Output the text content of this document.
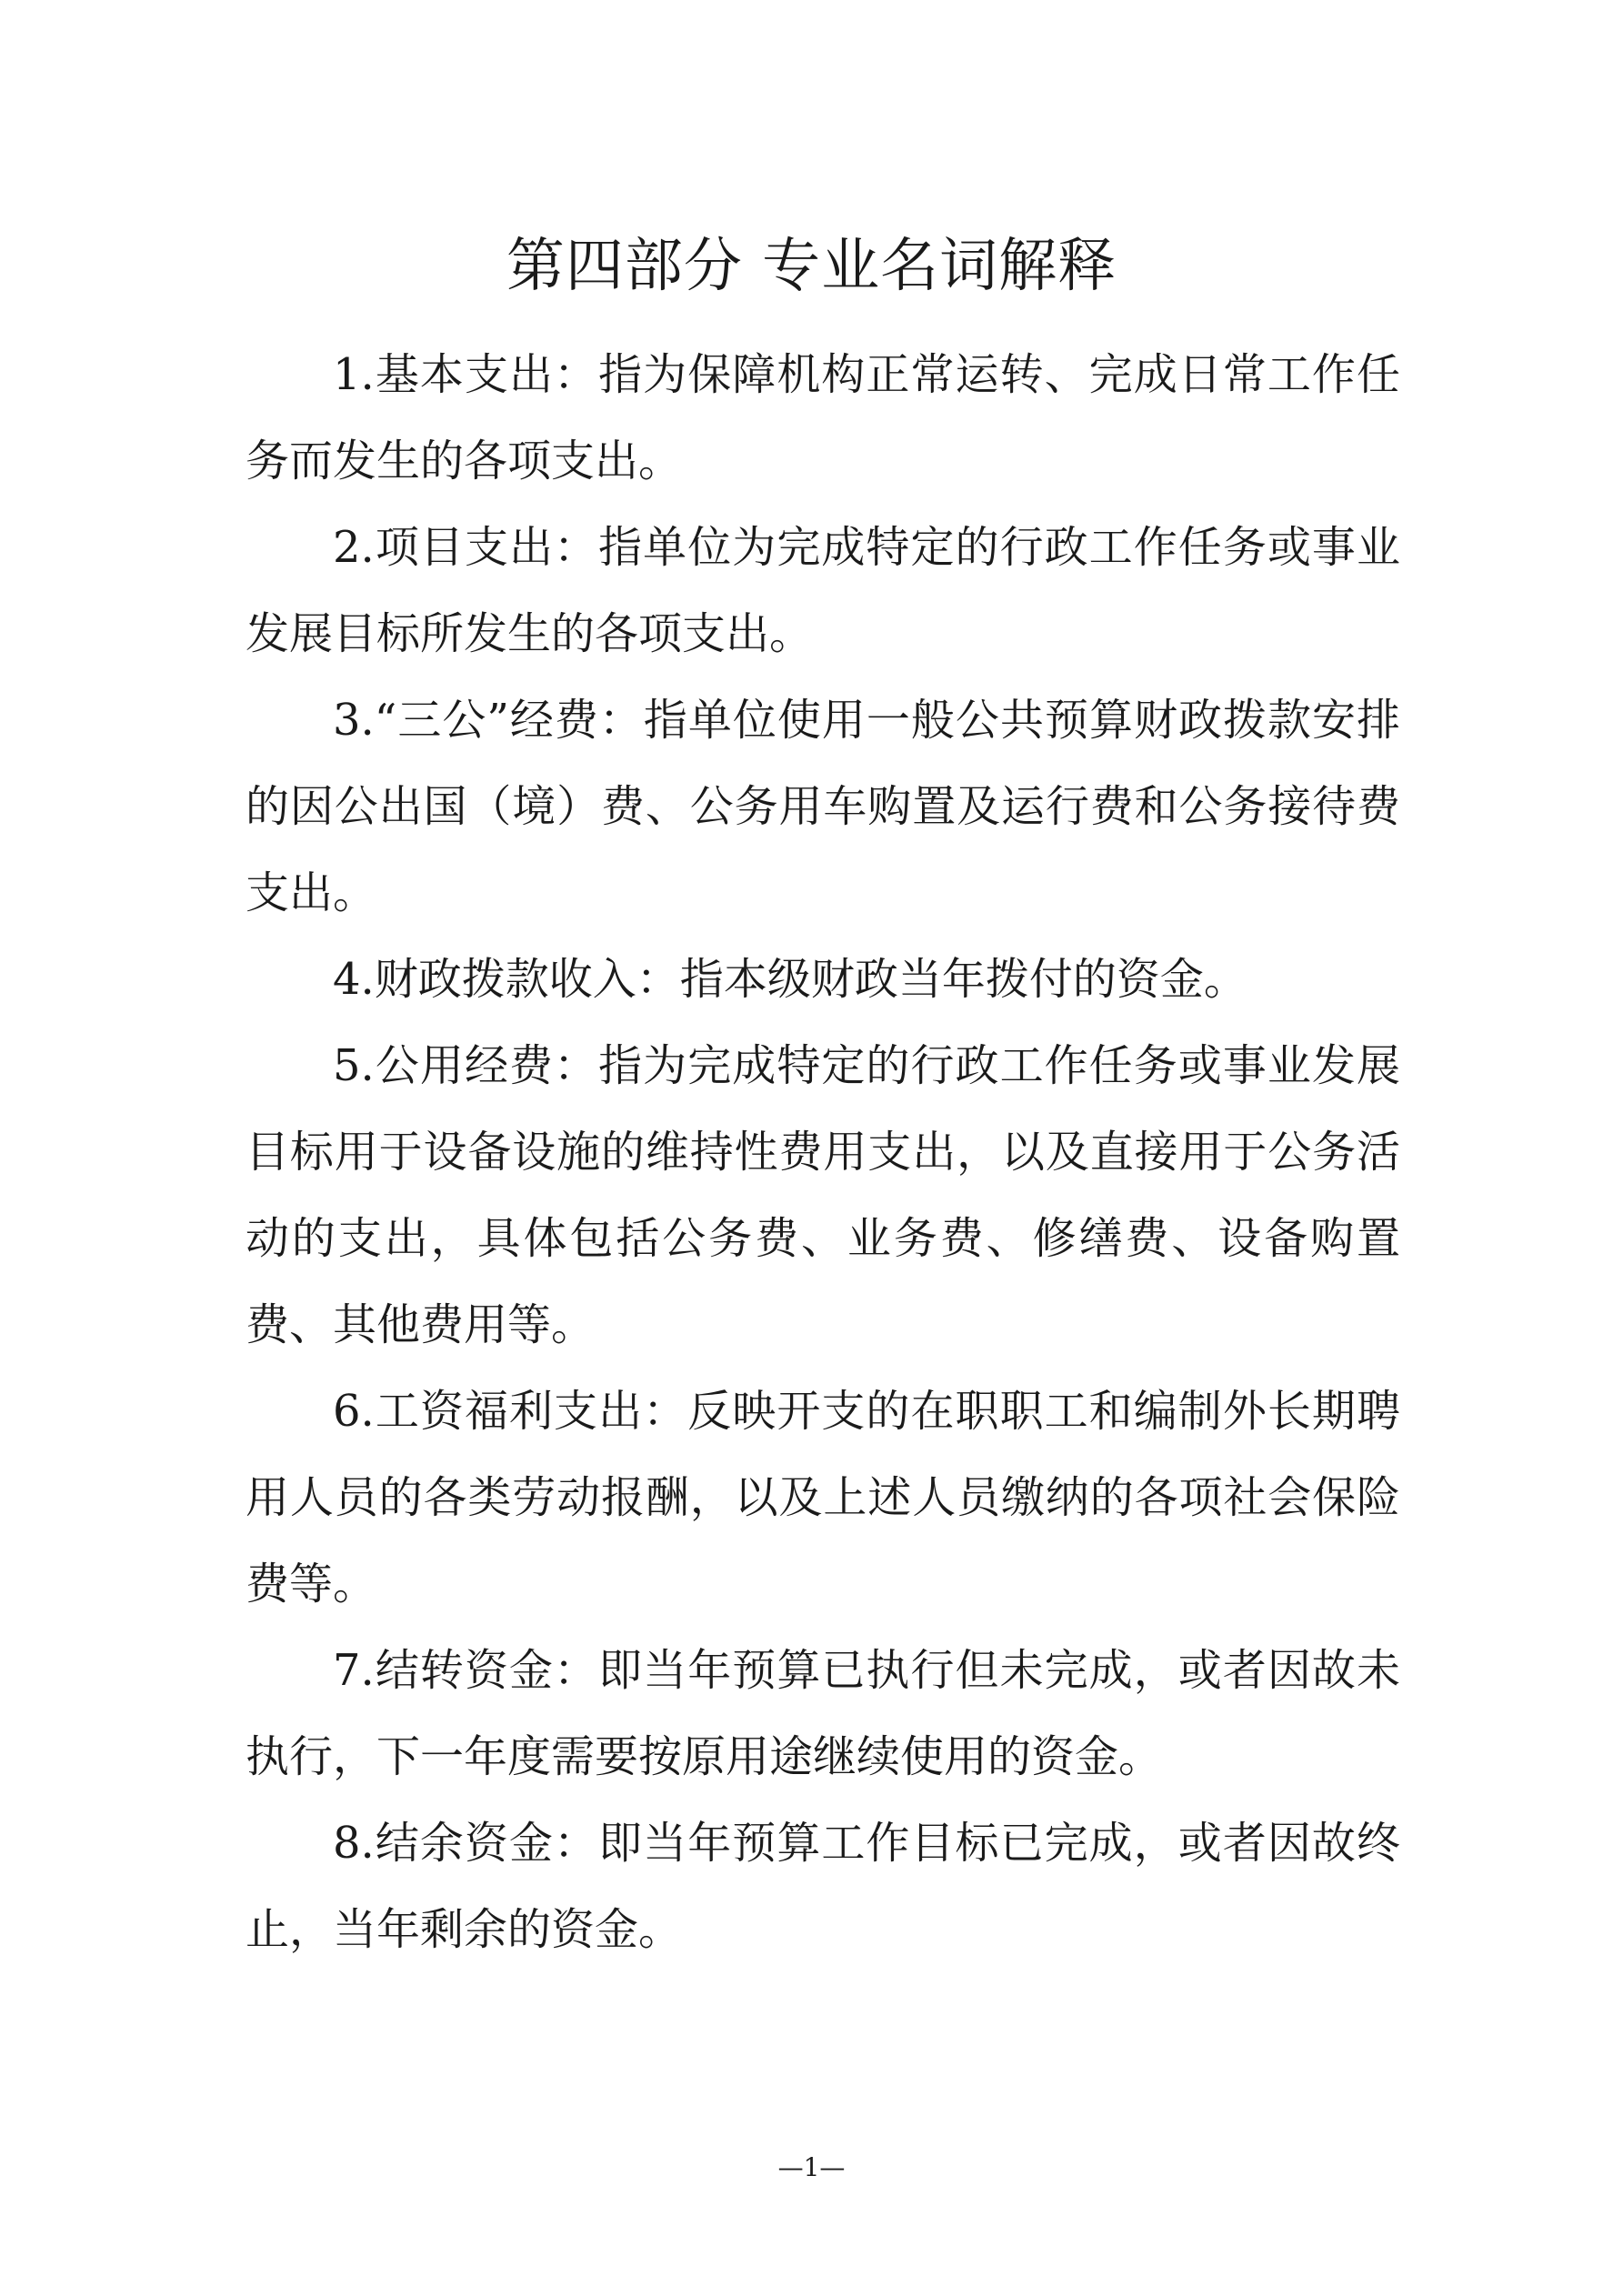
第四部分 专业名词解释

1.基本支出：指为保障机构正常运转、完成日常工作任务而发生的各项支出。

2.项目支出：指单位为完成特定的行政工作任务或事业发展目标所发生的各项支出。

3.“三公”经费：指单位使用一般公共预算财政拨款安排的因公出国（境）费、公务用车购置及运行费和公务接待费支出。

4.财政拨款收入：指本级财政当年拨付的资金。

5.公用经费：指为完成特定的行政工作任务或事业发展目标用于设备设施的维持性费用支出，以及直接用于公务活动的支出，具体包括公务费、业务费、修缮费、设备购置费、其他费用等。

6.工资福利支出：反映开支的在职职工和编制外长期聘用人员的各类劳动报酬，以及上述人员缴纳的各项社会保险费等。

7.结转资金：即当年预算已执行但未完成，或者因故未执行，下一年度需要按原用途继续使用的资金。

8.结余资金：即当年预算工作目标已完成，或者因故终止，当年剩余的资金。

—1—
